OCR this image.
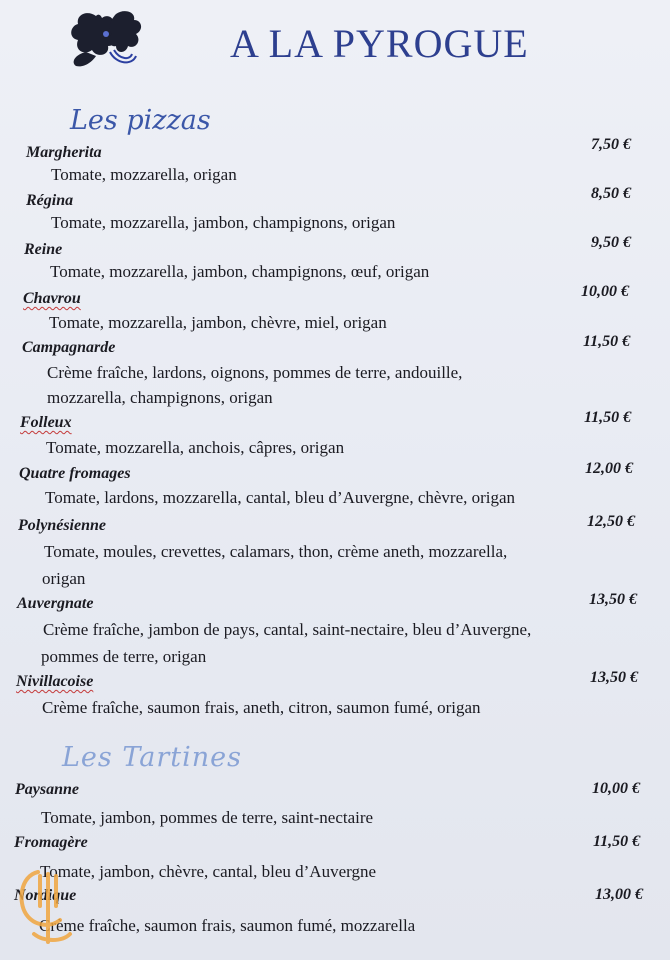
A LA PYROGUE
Les pizzas
Margherita	7,50 €
Tomate, mozzarella, origan
Régina	8,50 €
Tomate, mozzarella, jambon, champignons, origan
Reine	9,50 €
Tomate, mozzarella, jambon, champignons, œuf, origan
Chavrou	10,00 €
Tomate, mozzarella, jambon, chèvre, miel, origan
Campagnarde	11,50 €
Crème fraîche, lardons, oignons, pommes de terre, andouille,
mozzarella, champignons, origan
Folleux	11,50 €
Tomate, mozzarella, anchois, câpres, origan
Quatre fromages	12,00 €
Tomate, lardons, mozzarella, cantal, bleu d’Auvergne, chèvre, origan
Polynésienne	12,50 €
Tomate, moules, crevettes, calamars, thon, crème aneth, mozzarella,
origan
Auvergnate	13,50 €
Crème fraîche, jambon de pays, cantal, saint-nectaire, bleu d’Auvergne,
pommes de terre, origan
Nivillacoise	13,50 €
Crème fraîche, saumon frais, aneth, citron, saumon fumé, origan
Les Tartines
Paysanne	10,00 €
Tomate, jambon, pommes de terre, saint-nectaire
Fromagère	11,50 €
Tomate, jambon, chèvre, cantal, bleu d’Auvergne
Nordique	13,00 €
Crème fraîche, saumon frais, saumon fumé, mozzarella
